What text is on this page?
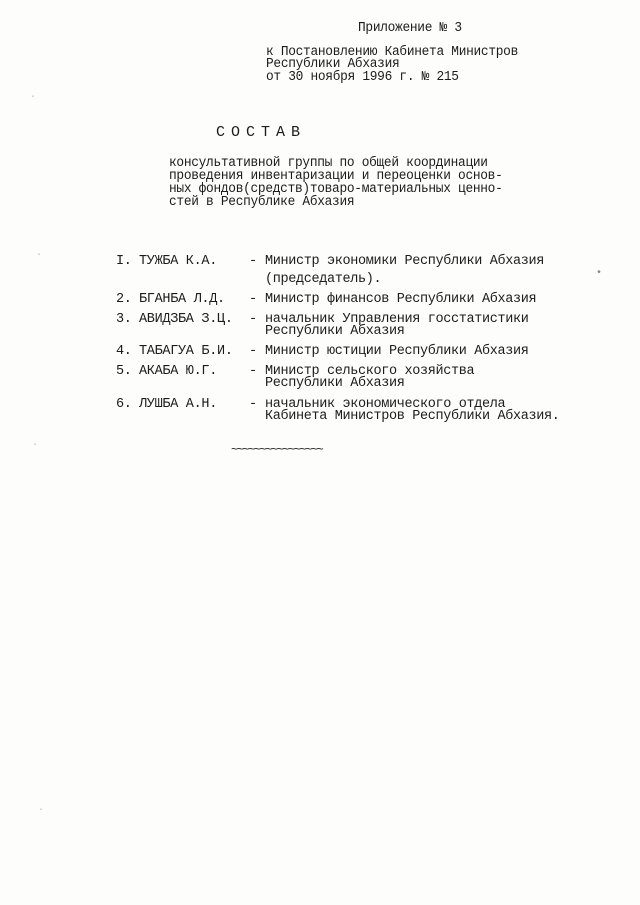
Приложение № 3
к Постановлению Кабинета Министров
Республики Абхазия
от 30 ноября 1996 г. № 215
СОСТАВ
консультативной группы по общей координации
проведения инвентаризации и переоценки основ-
ных фондов(средств)товаро-материальных ценно-
стей в Республике Абхазия
I. ТУЖБА К.А. - Министр экономики Республики Абхазия
(председатель).
2. БГАНБА Л.Д. - Министр финансов Республики Абхазия
3. АВИДЗБА З.Ц. - начальник Управления госстатистики
Республики Абхазия
4. ТАБАГУА Б.И. - Министр юстиции Республики Абхазия
5. АКАБА Ю.Г. - Министр сельского хозяйства
Республики Абхазия
6. ЛУШБА А.Н. - начальник экономического отдела
Кабинета Министров Республики Абхазия.
~~~~~~~~~~~~~~~~
·
·
·
·
•
